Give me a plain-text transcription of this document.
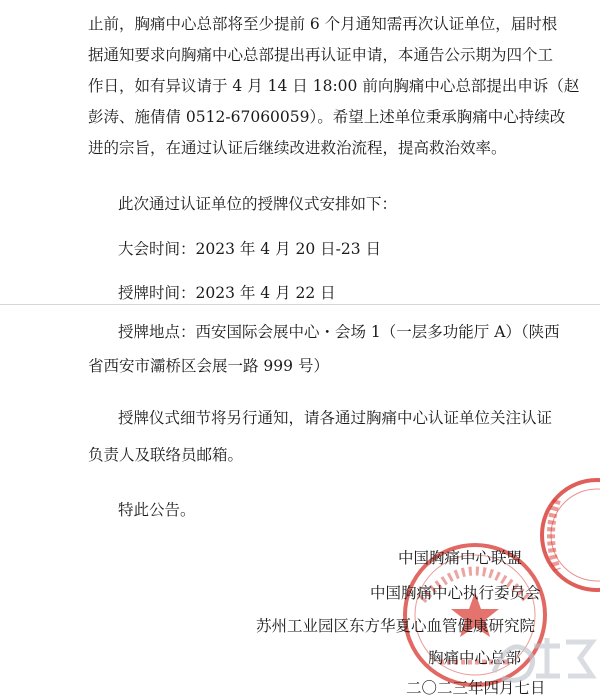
止前，胸痛中心总部将至少提前 6 个月通知需再次认证单位，届时根
据通知要求向胸痛中心总部提出再认证申请，本通告公示期为四个工
作日，如有异议请于 4 月 14 日 18:00 前向胸痛中心总部提出申诉（赵
彭涛、施倩倩 0512-67060059）。希望上述单位秉承胸痛中心持续改
进的宗旨，在通过认证后继续改进救治流程，提高救治效率。
此次通过认证单位的授牌仪式安排如下：
大会时间：2023 年 4 月 20 日-23 日
授牌时间：2023 年 4 月 22 日
授牌地点：西安国际会展中心・会场 1（一层多功能厅 A）（陕西
省西安市灞桥区会展一路 999 号）
授牌仪式细节将另行通知，请各通过胸痛中心认证单位关注认证
负责人及联络员邮箱。
特此公告。
中国胸痛中心联盟
中国胸痛中心执行委员会
苏州工业园区东方华夏心血管健康研究院
胸痛中心总部
二〇二三年四月七日
